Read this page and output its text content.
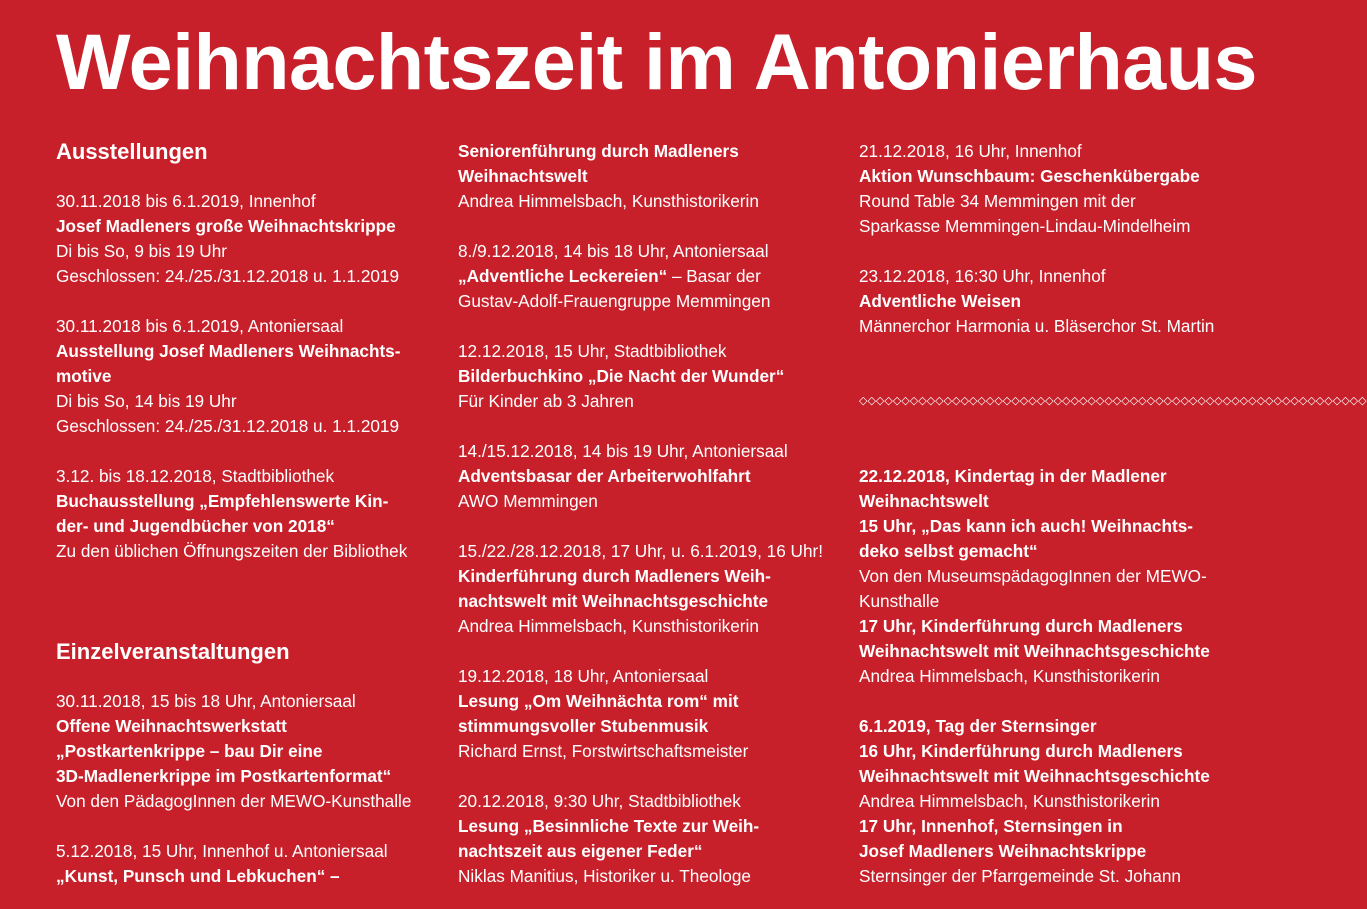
Weihnachtszeit im Antonierhaus
Ausstellungen
30.11.2018 bis 6.1.2019, Innenhof
Josef Madleners große Weihnachtskrippe
Di bis So, 9 bis 19 Uhr
Geschlossen: 24./25./31.12.2018 u. 1.1.2019
30.11.2018 bis 6.1.2019, Antoniersaal
Ausstellung Josef Madleners Weihnachts-
motive
Di bis So, 14 bis 19 Uhr
Geschlossen: 24./25./31.12.2018 u. 1.1.2019
3.12. bis 18.12.2018, Stadtbibliothek
Buchausstellung „Empfehlenswerte Kin-
der- und Jugendbücher von 2018“
Zu den üblichen Öffnungszeiten der Bibliothek
Einzelveranstaltungen
30.11.2018, 15 bis 18 Uhr, Antoniersaal
Offene Weihnachtswerkstatt
„Postkartenkrippe – bau Dir eine
3D-Madlenerkrippe im Postkartenformat“
Von den PädagogInnen der MEWO-Kunsthalle
5.12.2018, 15 Uhr, Innenhof u. Antoniersaal
„Kunst, Punsch und Lebkuchen“ –
Seniorenführung durch Madleners
Weihnachtswelt
Andrea Himmelsbach, Kunsthistorikerin
8./9.12.2018, 14 bis 18 Uhr, Antoniersaal
„Adventliche Leckereien“ – Basar der
Gustav-Adolf-Frauengruppe Memmingen
12.12.2018, 15 Uhr, Stadtbibliothek
Bilderbuchkino „Die Nacht der Wunder“
Für Kinder ab 3 Jahren
14./15.12.2018, 14 bis 19 Uhr, Antoniersaal
Adventsbasar der Arbeiterwohlfahrt
AWO Memmingen
15./22./28.12.2018, 17 Uhr, u. 6.1.2019, 16 Uhr!
Kinderführung durch Madleners Weih-
nachtswelt mit Weihnachtsgeschichte
Andrea Himmelsbach, Kunsthistorikerin
19.12.2018, 18 Uhr, Antoniersaal
Lesung „Om Weihnächta rom“ mit
stimmungsvoller Stubenmusik
Richard Ernst, Forstwirtschaftsmeister
20.12.2018, 9:30 Uhr, Stadtbibliothek
Lesung „Besinnliche Texte zur Weih-
nachtszeit aus eigener Feder“
Niklas Manitius, Historiker u. Theologe
21.12.2018, 16 Uhr, Innenhof
Aktion Wunschbaum: Geschenkübergabe
Round Table 34 Memmingen mit der
Sparkasse Memmingen-Lindau-Mindelheim
23.12.2018, 16:30 Uhr, Innenhof
Adventliche Weisen
Männerchor Harmonia u. Bläserchor St. Martin
◇◇◇◇◇◇◇◇◇◇◇◇◇◇◇◇◇◇◇◇◇◇◇◇◇◇◇◇◇◇◇◇◇◇◇◇◇◇◇◇◇◇◇◇◇◇◇◇◇◇◇◇◇◇◇◇◇◇◇◇
22.12.2018, Kindertag in der Madlener
Weihnachtswelt
15 Uhr, „Das kann ich auch! Weihnachts-
deko selbst gemacht“
Von den MuseumspädagogInnen der MEWO-
Kunsthalle
17 Uhr, Kinderführung durch Madleners
Weihnachtswelt mit Weihnachtsgeschichte
Andrea Himmelsbach, Kunsthistorikerin
6.1.2019, Tag der Sternsinger
16 Uhr, Kinderführung durch Madleners
Weihnachtswelt mit Weihnachtsgeschichte
Andrea Himmelsbach, Kunsthistorikerin
17 Uhr, Innenhof, Sternsingen in
Josef Madleners Weihnachtskrippe
Sternsinger der Pfarrgemeinde St. Johann
